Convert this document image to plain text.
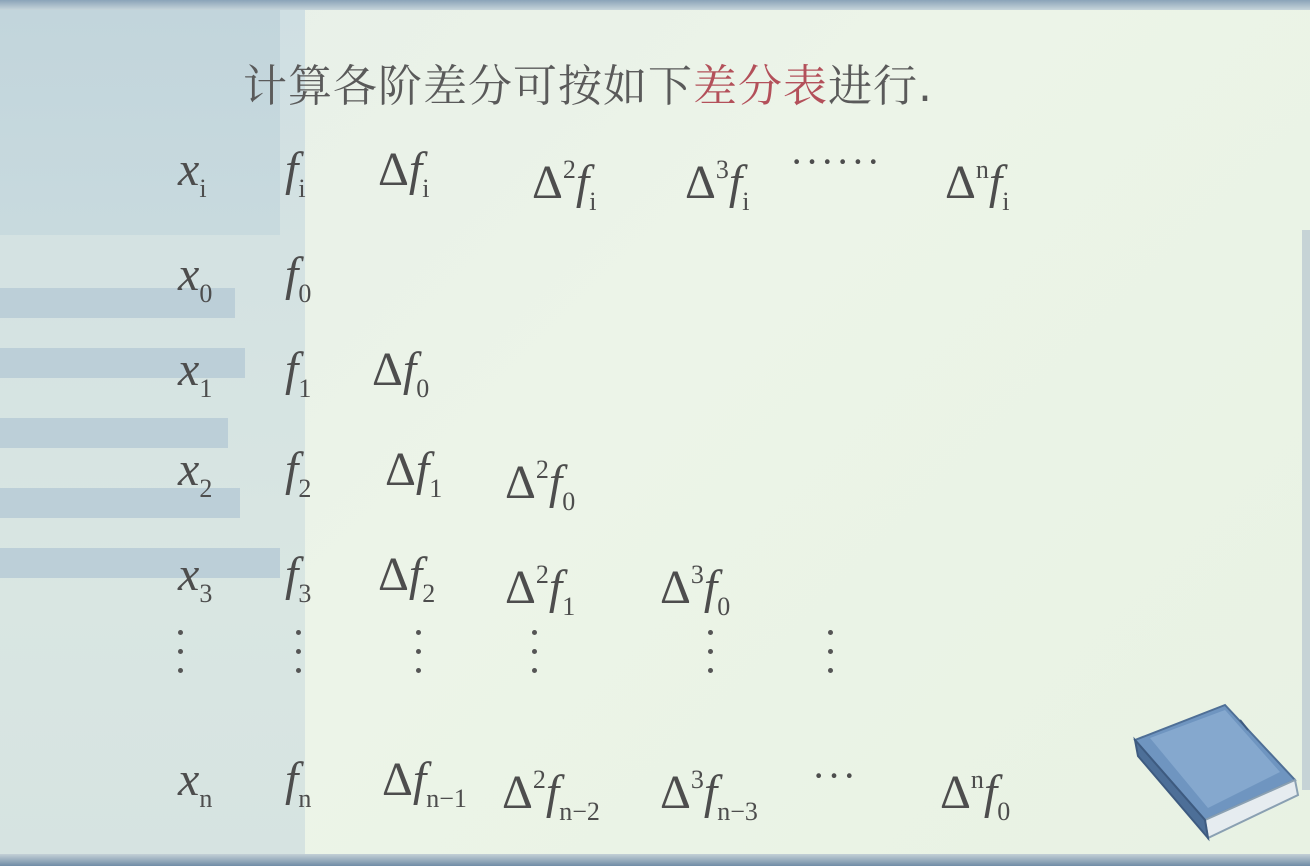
计算各阶差分可按如下差分表进行.
$x_i$ $f_i$ $\Delta f_i$ $\Delta^2f_i$ $\Delta^3f_i$
······ $\Delta^nf_i$
$x_0$ $f_0$
$x_1$ $f_1$ $\Delta f_0$
$x_2$ $f_2$ $\Delta f_1$ $\Delta^2f_0$
$x_3$ $f_3$ $\Delta f_2$ $\Delta^2f_1$ $\Delta^3f_0$
$x_n$ $f_n$ $\Delta f_{n-1}$ $\Delta^2f_{n-2}$ $\Delta^3f_{n-3}$
··· $\Delta^nf_0$
